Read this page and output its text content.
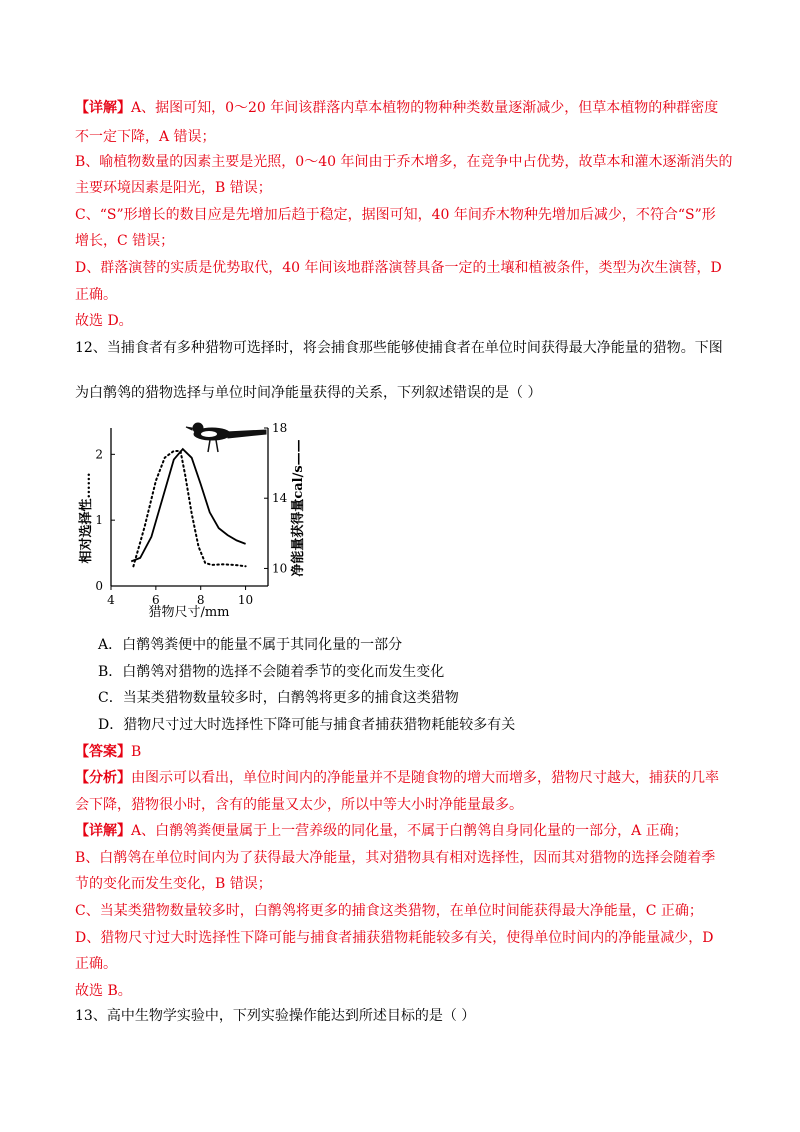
【详解】A、据图可知，0～20 年间该群落内草本植物的物种种类数量逐渐减少，但草本植物的种群密度
不一定下降，A 错误；
B、喻植物数量的因素主要是光照，0～40 年间由于乔木增多，在竞争中占优势，故草本和灌木逐渐消失的
主要环境因素是阳光，B 错误；
C、“S”形增长的数目应是先增加后趋于稳定，据图可知，40 年间乔木物种先增加后减少，不符合“S”形
增长，C 错误；
D、群落演替的实质是优势取代，40 年间该地群落演替具备一定的土壤和植被条件，类型为次生演替，D
正确。
故选 D。
12、当捕食者有多种猎物可选择时，将会捕食那些能够使捕食者在单位时间获得最大净能量的猎物。下图
为白鹡鸰的猎物选择与单位时间净能量获得的关系，下列叙述错误的是（ ）
4	6	8	10
0
1
2
10
14
18
猎物尺寸/mm
相对选择性……	净能量获得量cal/s——
A．白鹡鸰粪便中的能量不属于其同化量的一部分
B．白鹡鸰对猎物的选择不会随着季节的变化而发生变化
C．当某类猎物数量较多时，白鹡鸰将更多的捕食这类猎物
D．猎物尺寸过大时选择性下降可能与捕食者捕获猎物耗能较多有关
【答案】B
【分析】由图示可以看出，单位时间内的净能量并不是随食物的增大而增多，猎物尺寸越大，捕获的几率
会下降，猎物很小时，含有的能量又太少，所以中等大小时净能量最多。
【详解】A、白鹡鸰粪便量属于上一营养级的同化量，不属于白鹡鸰自身同化量的一部分，A 正确；
B、白鹡鸰在单位时间内为了获得最大净能量，其对猎物具有相对选择性，因而其对猎物的选择会随着季
节的变化而发生变化，B 错误；
C、当某类猎物数量较多时，白鹡鸰将更多的捕食这类猎物，在单位时间能获得最大净能量，C 正确；
D、猎物尺寸过大时选择性下降可能与捕食者捕获猎物耗能较多有关，使得单位时间内的净能量减少，D
正确。
故选 B。
13、高中生物学实验中，下列实验操作能达到所述目标的是（ ）
